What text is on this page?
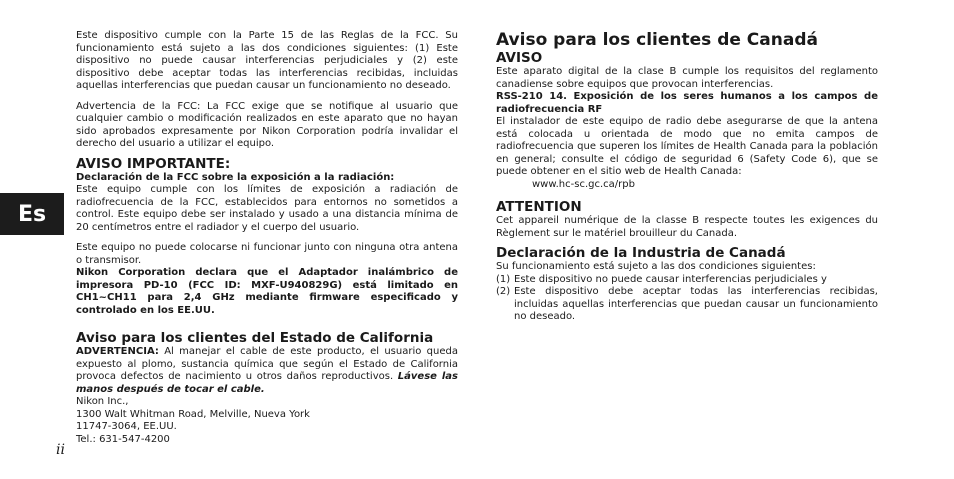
Es

Este dispositivo cumple con la Parte 15 de las Reglas de la FCC. Su funcionamiento está sujeto a las dos condiciones siguientes: (1) Este dispositivo no puede causar interferencias perjudiciales y (2) este dispositivo debe aceptar todas las interferencias recibidas, incluidas aquellas interferencias que puedan causar un funcionamiento no deseado.

Advertencia de la FCC: La FCC exige que se notifique al usuario que cualquier cambio o modificación realizados en este aparato que no hayan sido aprobados expresamente por Nikon Corporation podría invalidar el derecho del usuario a utilizar el equipo.

AVISO IMPORTANTE:

Declaración de la FCC sobre la exposición a la radiación:

Este equipo cumple con los límites de exposición a radiación de radiofrecuencia de la FCC, establecidos para entornos no sometidos a control. Este equipo debe ser instalado y usado a una distancia mínima de 20 centímetros entre el radiador y el cuerpo del usuario.

Este equipo no puede colocarse ni funcionar junto con ninguna otra antena o transmisor.

Nikon Corporation declara que el Adaptador inalámbrico de impresora PD-10 (FCC ID: MXF-U940829G) está limitado en CH1~CH11 para 2,4 GHz mediante firmware especificado y controlado en los EE.UU.

Aviso para los clientes del Estado de California

ADVERTENCIA: Al manejar el cable de este producto, el usuario queda expuesto al plomo, sustancia química que según el Estado de California provoca defectos de nacimiento u otros daños reproductivos. Lávese las manos después de tocar el cable.

Nikon Inc.,
1300 Walt Whitman Road, Melville, Nueva York
11747-3064, EE.UU.
Tel.: 631-547-4200
Aviso para los clientes de Canadá
AVISO

Este aparato digital de la clase B cumple los requisitos del reglamento canadiense sobre equipos que provocan interferencias.

RSS-210 14. Exposición de los seres humanos a los campos de radiofrecuencia RF

El instalador de este equipo de radio debe asegurarse de que la antena está colocada u orientada de modo que no emita campos de radiofrecuencia que superen los límites de Health Canada para la población en general; consulte el código de seguridad 6 (Safety Code 6), que se puede obtener en el sitio web de Health Canada:

www.hc-sc.gc.ca/rpb
ATTENTION

Cet appareil numérique de la classe B respecte toutes les exigences du Règlement sur le matériel brouilleur du Canada.

Declaración de la Industria de Canadá

Su funcionamiento está sujeto a las dos condiciones siguientes:

(1) Este dispositivo no puede causar interferencias perjudiciales y
(2) Este dispositivo debe aceptar todas las interferencias recibidas, incluidas aquellas interferencias que puedan causar un funcionamiento no deseado.
ii
